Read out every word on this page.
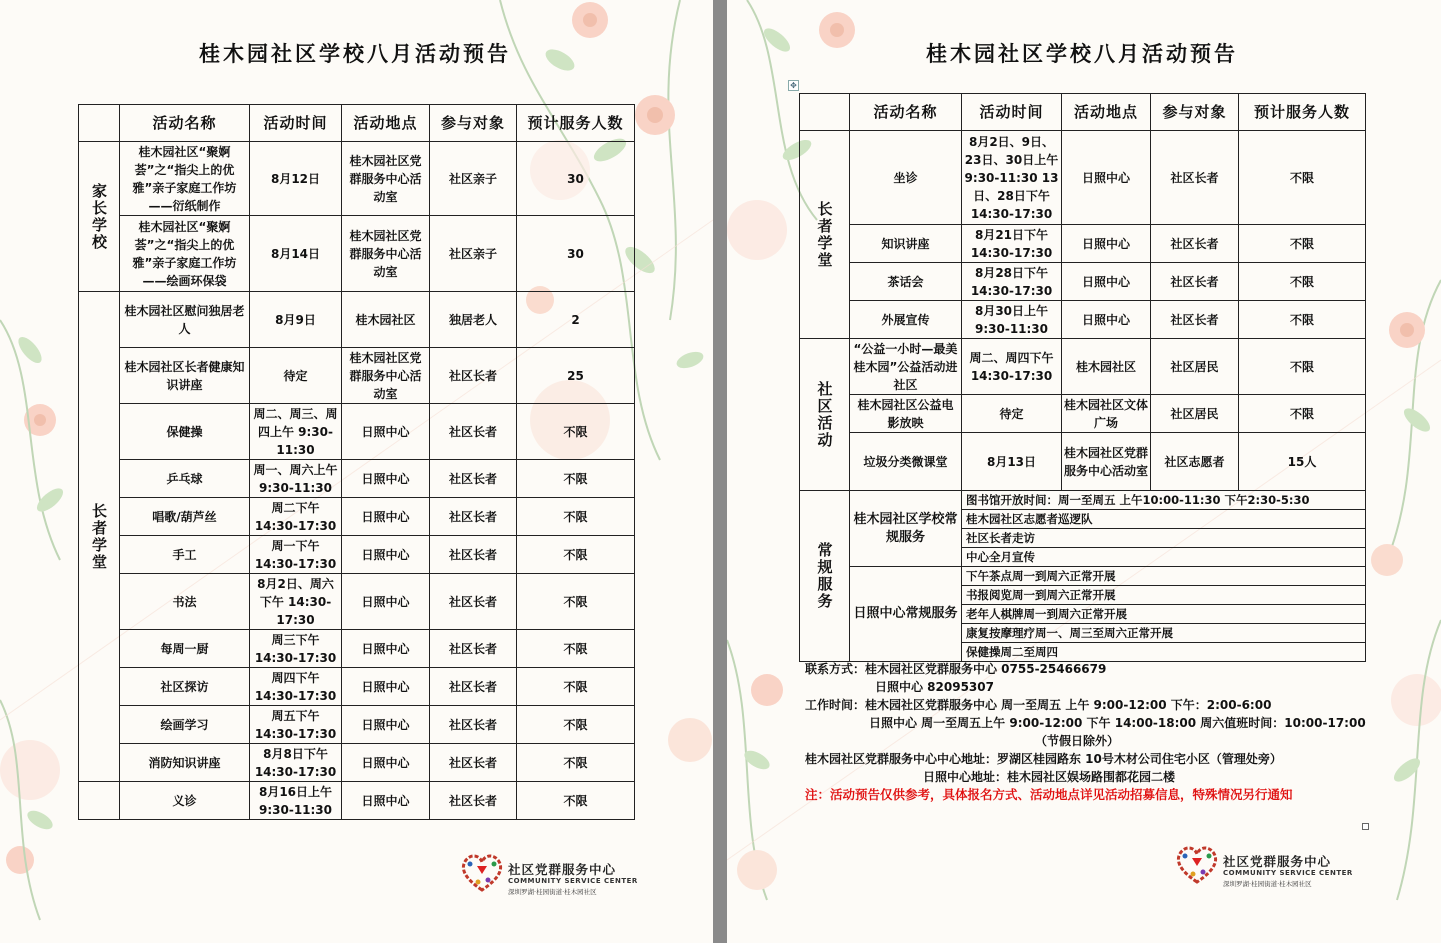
桂木园社区学校八月活动预告
	活动名称	活动时间	活动地点	参与对象	预计服务人数

家长学校	桂木园社区“聚婀荟”之“指尖上的优雅”亲子家庭工作坊——衍纸制作	8月12日	桂木园社区党群服务中心活动室	社区亲子	30
	桂木园社区“聚婀荟”之“指尖上的优雅”亲子家庭工作坊——绘画环保袋	8月14日	桂木园社区党群服务中心活动室	社区亲子	30

长者学堂	桂木园社区慰问独居老人	8月9日	桂木园社区	独居老人	2
	桂木园社区长者健康知识讲座	待定	桂木园社区党群服务中心活动室	社区长者	25
	保健操	周二、周三、周四上午 9:30-11:30	日照中心	社区长者	不限
	乒乓球	周一、周六上午9:30-11:30	日照中心	社区长者	不限
	唱歌/葫芦丝	周二下午 14:30-17:30	日照中心	社区长者	不限
	手工	周一下午 14:30-17:30	日照中心	社区长者	不限
	书法	8月2日、周六下午 14:30-17:30	日照中心	社区长者	不限
	每周一厨	周三下午 14:30-17:30	日照中心	社区长者	不限
	社区探访	周四下午 14:30-17:30	日照中心	社区长者	不限
	绘画学习	周五下午 14:30-17:30	日照中心	社区长者	不限
	消防知识讲座	8月8日下午 14:30-17:30	日照中心	社区长者	不限

	义诊	8月16日上午 9:30-11:30	日照中心	社区长者	不限
社区党群服务中心
COMMUNITY SERVICE CENTER
深圳罗湖·桂园街道·桂木园社区
桂木园社区学校八月活动预告
✥
	活动名称	活动时间	活动地点	参与对象	预计服务人数

长者学堂	坐诊	8月2日、9日、23日、30日上午 9:30-11:30 13日、28日下午 14:30-17:30	日照中心	社区长者	不限
	知识讲座	8月21日下午 14:30-17:30	日照中心	社区长者	不限
	茶话会	8月28日下午 14:30-17:30	日照中心	社区长者	不限
	外展宣传	8月30日上午 9:30-11:30	日照中心	社区长者	不限

社区活动	“公益一小时—最美桂木园”公益活动进社区	周二、周四下午 14:30-17:30	桂木园社区	社区居民	不限
	桂木园社区公益电影放映	待定	桂木园社区文体广场	社区居民	不限
	垃圾分类微课堂	8月13日	桂木园社区党群服务中心活动室	社区志愿者	15人

常规服务	桂木园社区学校常规服务	图书馆开放时间：周一至周五 上午10:00-11:30 下午2:30-5:30			
		桂木园社区志愿者巡逻队			
		社区长者走访			
		中心全月宣传			
	日照中心常规服务	下午茶点周一到周六正常开展			
		书报阅览周一到周六正常开展			
		老年人棋牌周一到周六正常开展			
		康复按摩理疗周一、周三至周六正常开展			
		保健操周二至周四			
联系方式：桂木园社区党群服务中心 0755-25466679
日照中心 82095307
工作时间：桂木园社区党群服务中心 周一至周五 上午 9:00-12:00 下午：2:00-6:00
日照中心 周一至周五上午 9:00-12:00 下午 14:00-18:00 周六值班时间：10:00-17:00
（节假日除外）
桂木园社区党群服务中心中心地址：罗湖区桂园路东 10号木材公司住宅小区（管理处旁）
日照中心地址：桂木园社区娱场路围都花园二楼
注：活动预告仅供参考，具体报名方式、活动地点详见活动招募信息，特殊情况另行通知
社区党群服务中心
COMMUNITY SERVICE CENTER
深圳罗湖·桂园街道·桂木园社区
